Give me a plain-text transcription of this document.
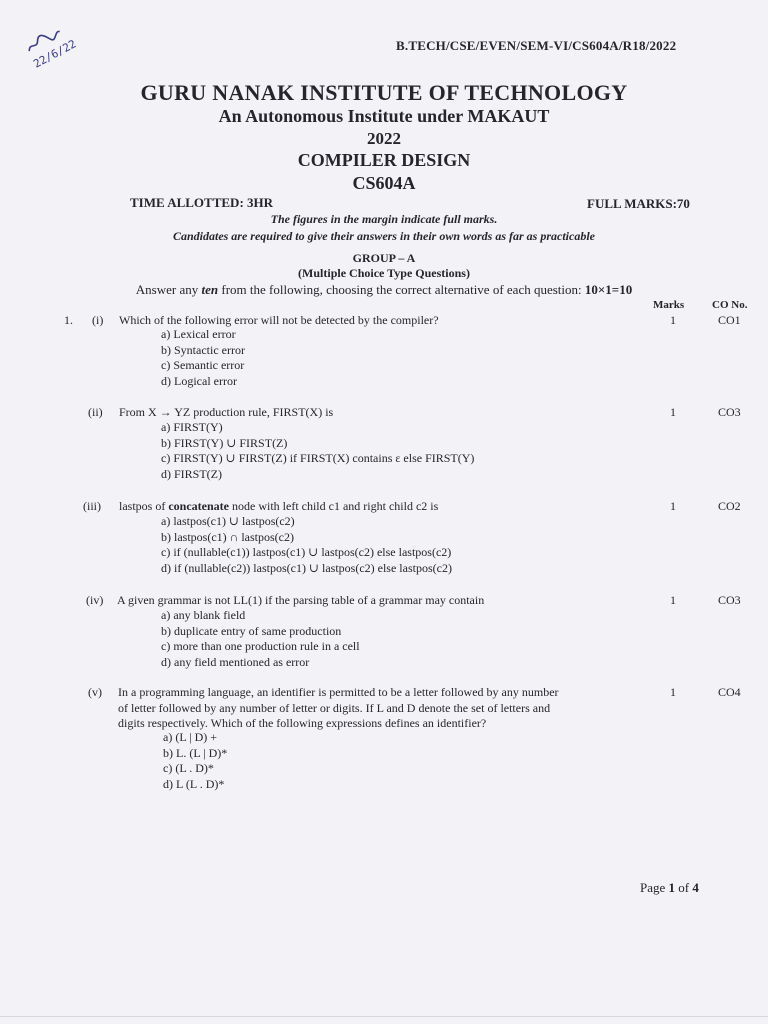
22/6/22	B.TECH/CSE/EVEN/SEM-VI/CS604A/R18/2022
GURU NANAK INSTITUTE OF TECHNOLOGY
An Autonomous Institute under MAKAUT
2022
COMPILER DESIGN
CS604A
TIME ALLOTTED: 3HR	FULL MARKS:70
The figures in the margin indicate full marks.
Candidates are required to give their answers in their own words as far as practicable
GROUP – A
(Multiple Choice Type Questions)
Answer any ten from the following, choosing the correct alternative of each question: 10×1=10
Marks	CO No.
1. (i) Which of the following error will not be detected by the compiler?	1	CO1
a) Lexical error
b) Syntactic error
c) Semantic error
d) Logical error
(ii) From X → YZ production rule, FIRST(X) is	1	CO3
a) FIRST(Y)
b) FIRST(Y) ∪ FIRST(Z)
c) FIRST(Y) ∪ FIRST(Z) if FIRST(X) contains ε else FIRST(Y)
d) FIRST(Z)
(iii) lastpos of concatenate node with left child c1 and right child c2 is	1	CO2
a) lastpos(c1) ∪ lastpos(c2)
b) lastpos(c1) ∩ lastpos(c2)
c) if (nullable(c1)) lastpos(c1) ∪ lastpos(c2) else lastpos(c2)
d) if (nullable(c2)) lastpos(c1) ∪ lastpos(c2) else lastpos(c2)
(iv) A given grammar is not LL(1) if the parsing table of a grammar may contain	1	CO3
a) any blank field
b) duplicate entry of same production
c) more than one production rule in a cell
d) any field mentioned as error
(v) In a programming language, an identifier is permitted to be a letter followed by any number
of letter followed by any number of letter or digits. If L and D denote the set of letters and
digits respectively. Which of the following expressions defines an identifier?
1	CO4
a) (L | D) +
b) L. (L | D)*
c) (L . D)*
d) L (L . D)*
Page 1 of 4
